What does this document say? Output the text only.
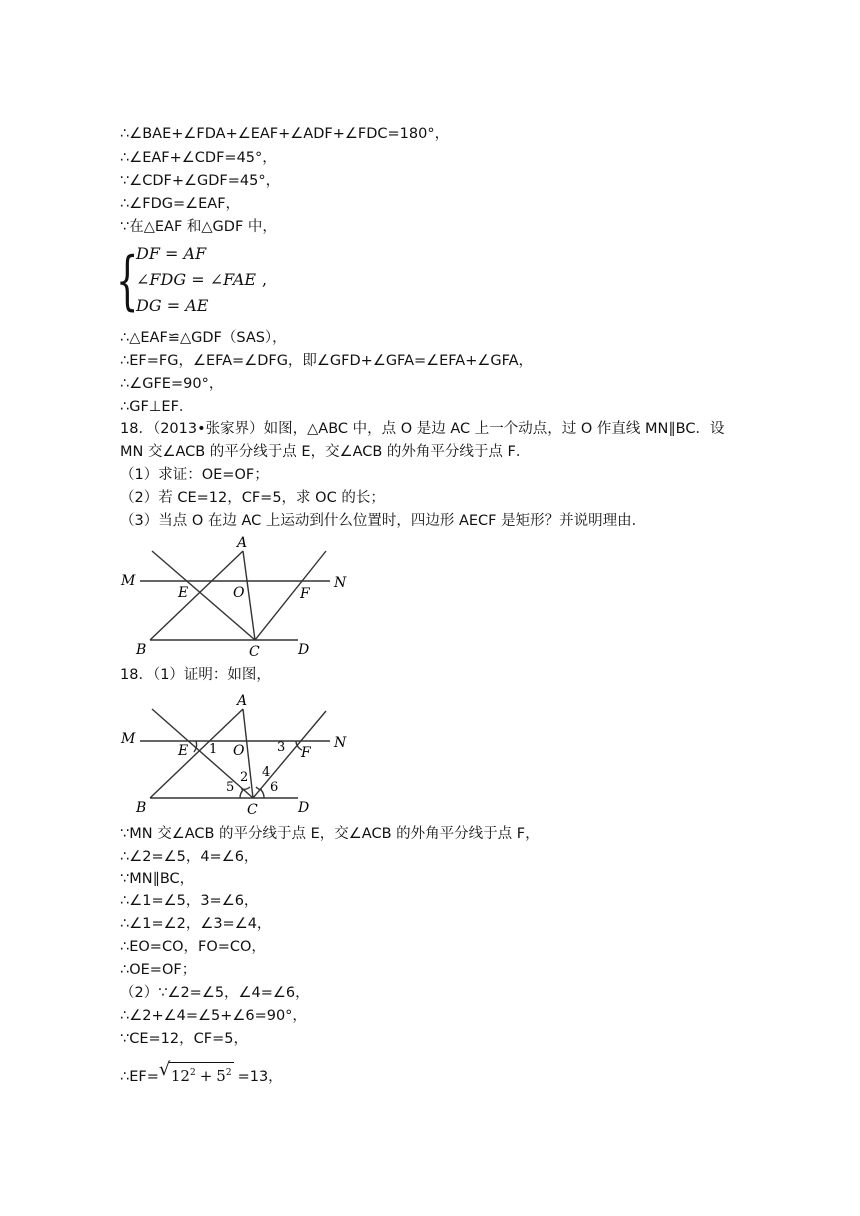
∴∠BAE+∠FDA+∠EAF+∠ADF+∠FDC=180°，
∴∠EAF+∠CDF=45°，
∵∠CDF+∠GDF=45°，
∴∠FDG=∠EAF，
∵在△EAF 和△GDF 中，
{
DF = AF
∠FDG = ∠FAE ,
DG = AE
∴△EAF≌△GDF（SAS），
∴EF=FG，∠EFA=∠DFG，即∠GFD+∠GFA=∠EFA+∠GFA，
∴∠GFE=90°，
∴GF⊥EF．
18．（2013•张家界）如图，△ABC 中，点 O 是边 AC 上一个动点，过 O 作直线 MN∥BC．设
MN 交∠ACB 的平分线于点 E，交∠ACB 的外角平分线于点 F．
（1）求证：OE=OF；
（2）若 CE=12，CF=5，求 OC 的长；
（3）当点 O 在边 AC 上运动到什么位置时，四边形 AECF 是矩形？并说明理由．
A
M	N
E	O	F
B	C	D
18．（1）证明：如图，
A
M	N
E	O	F
B	C	D
1
2
3
4
5	6
∵MN 交∠ACB 的平分线于点 E，交∠ACB 的外角平分线于点 F，
∴∠2=∠5，4=∠6，
∵MN∥BC，
∴∠1=∠5，3=∠6，
∴∠1=∠2，∠3=∠4，
∴EO=CO，FO=CO，
∴OE=OF；
（2）∵∠2=∠5，∠4=∠6，
∴∠2+∠4=∠5+∠6=90°，
∵CE=12，CF=5，
∴EF= √ $12^2 + 5^2 =13$，
